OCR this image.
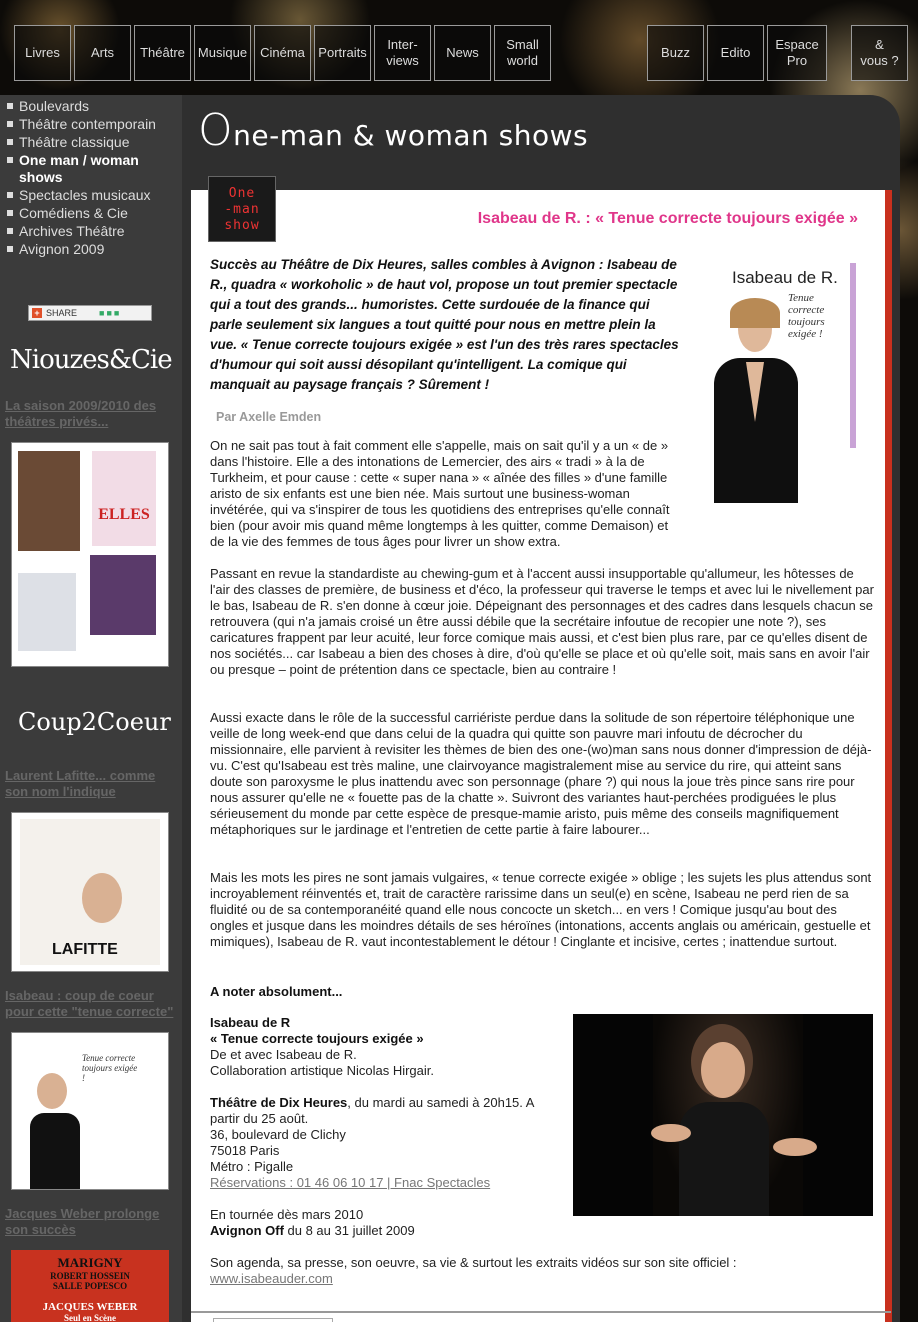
Livres	Arts	Théâtre	Musique	Cinéma	Portraits
Inter-
views
News
Small
world
Buzz	Edito
Espace
Pro
&
vous ?
Boulevards
Théâtre contemporain
Théâtre classique
One man / woman shows
Spectacles musicaux
Comédiens & Cie
Archives Théâtre
Avignon 2009
+ SHARE ■■■
Niouzes&Cie
La saison 2009/2010 des théâtres privés...
ELLES
Coup2Coeur
Laurent Lafitte... comme son nom l'indique
LAFITTE
Isabeau : coup de coeur pour cette "tenue correcte"
Tenue correcte toujours exigée !
Jacques Weber prolonge son succès
MARIGNY
ROBERT HOSSEIN
SALLE POPESCO
JACQUES WEBER
Seul en Scène
One-man & woman shows
One
-man
show	Isabeau de R. : « Tenue correcte toujours exigée »
Succès au Théâtre de Dix Heures, salles combles à Avignon : Isabeau de R., quadra « workoholic » de haut vol, propose un tout premier spectacle qui a tout des grands... humoristes. Cette surdouée de la finance qui parle seulement six langues a tout quitté pour nous en mettre plein la vue. « Tenue correcte toujours exigée » est l'un des très rares spectacles d'humour qui soit aussi désopilant qu'intelligent. La comique qui manquait au paysage français ? Sûrement !
Isabeau de R.
Tenue correcte toujours exigée !
Par Axelle Emden
On ne sait pas tout à fait comment elle s'appelle, mais on sait qu'il y a un « de » dans l'histoire. Elle a des intonations de Lemercier, des airs « tradi » à la de Turkheim, et pour cause : cette « super nana » « aînée des filles » d'une famille aristo de six enfants est une bien née. Mais surtout une business-woman invétérée, qui va s'inspirer de tous les quotidiens des entreprises qu'elle connaît bien (pour avoir mis quand même longtemps à les quitter, comme Demaison) et de la vie des femmes de tous âges pour livrer un show extra.
Passant en revue la standardiste au chewing-gum et à l'accent aussi insupportable qu'allumeur, les hôtesses de l'air des classes de première, de business et d'éco, la professeur qui traverse le temps et avec lui le nivellement par le bas, Isabeau de R. s'en donne à cœur joie. Dépeignant des personnages et des cadres dans lesquels chacun se retrouvera (qui n'a jamais croisé un être aussi débile que la secrétaire infoutue de recopier une note ?), ses caricatures frappent par leur acuité, leur force comique mais aussi, et c'est bien plus rare, par ce qu'elles disent de nos sociétés... car Isabeau a bien des choses à dire, d'où qu'elle se place et où qu'elle soit, mais sans en avoir l'air ou presque – point de prétention dans ce spectacle, bien au contraire !
Aussi exacte dans le rôle de la successful carriériste perdue dans la solitude de son répertoire téléphonique une veille de long week-end que dans celui de la quadra qui quitte son pauvre mari infoutu de décrocher du missionnaire, elle parvient à revisiter les thèmes de bien des one-(wo)man sans nous donner d'impression de déjà-vu. C'est qu'Isabeau est très maline, une clairvoyance magistralement mise au service du rire, qui atteint sans doute son paroxysme le plus inattendu avec son personnage (phare ?) qui nous la joue très pince sans rire pour nous assurer qu'elle ne « fouette pas de la chatte ». Suivront des variantes haut-perchées prodiguées le plus sérieusement du monde par cette espèce de presque-mamie aristo, puis même des conseils magnifiquement métaphoriques sur le jardinage et l'entretien de cette partie à faire labourer...
Mais les mots les pires ne sont jamais vulgaires, « tenue correcte exigée » oblige ; les sujets les plus attendus sont incroyablement réinventés et, trait de caractère rarissime dans un seul(e) en scène, Isabeau ne perd rien de sa fluidité ou de sa contemporanéité quand elle nous concocte un sketch... en vers ! Comique jusqu'au bout des ongles et jusque dans les moindres détails de ses héroïnes (intonations, accents anglais ou américain, gestuelle et mimiques), Isabeau de R. vaut incontestablement le détour ! Cinglante et incisive, certes ; inattendue surtout.
A noter absolument...
Isabeau de R
« Tenue correcte toujours exigée »
De et avec Isabeau de R.
Collaboration artistique Nicolas Hirgair.
Théâtre de Dix Heures, du mardi au samedi à 20h15. A partir du 25 août.
36, boulevard de Clichy
75018 Paris
Métro : Pigalle
Réservations : 01 46 06 10 17 | Fnac Spectacles
En tournée dès mars 2010
Avignon Off du 8 au 31 juillet 2009
Son agenda, sa presse, son oeuvre, sa vie & surtout les extraits vidéos sur son site officiel :
www.isabeauder.com
